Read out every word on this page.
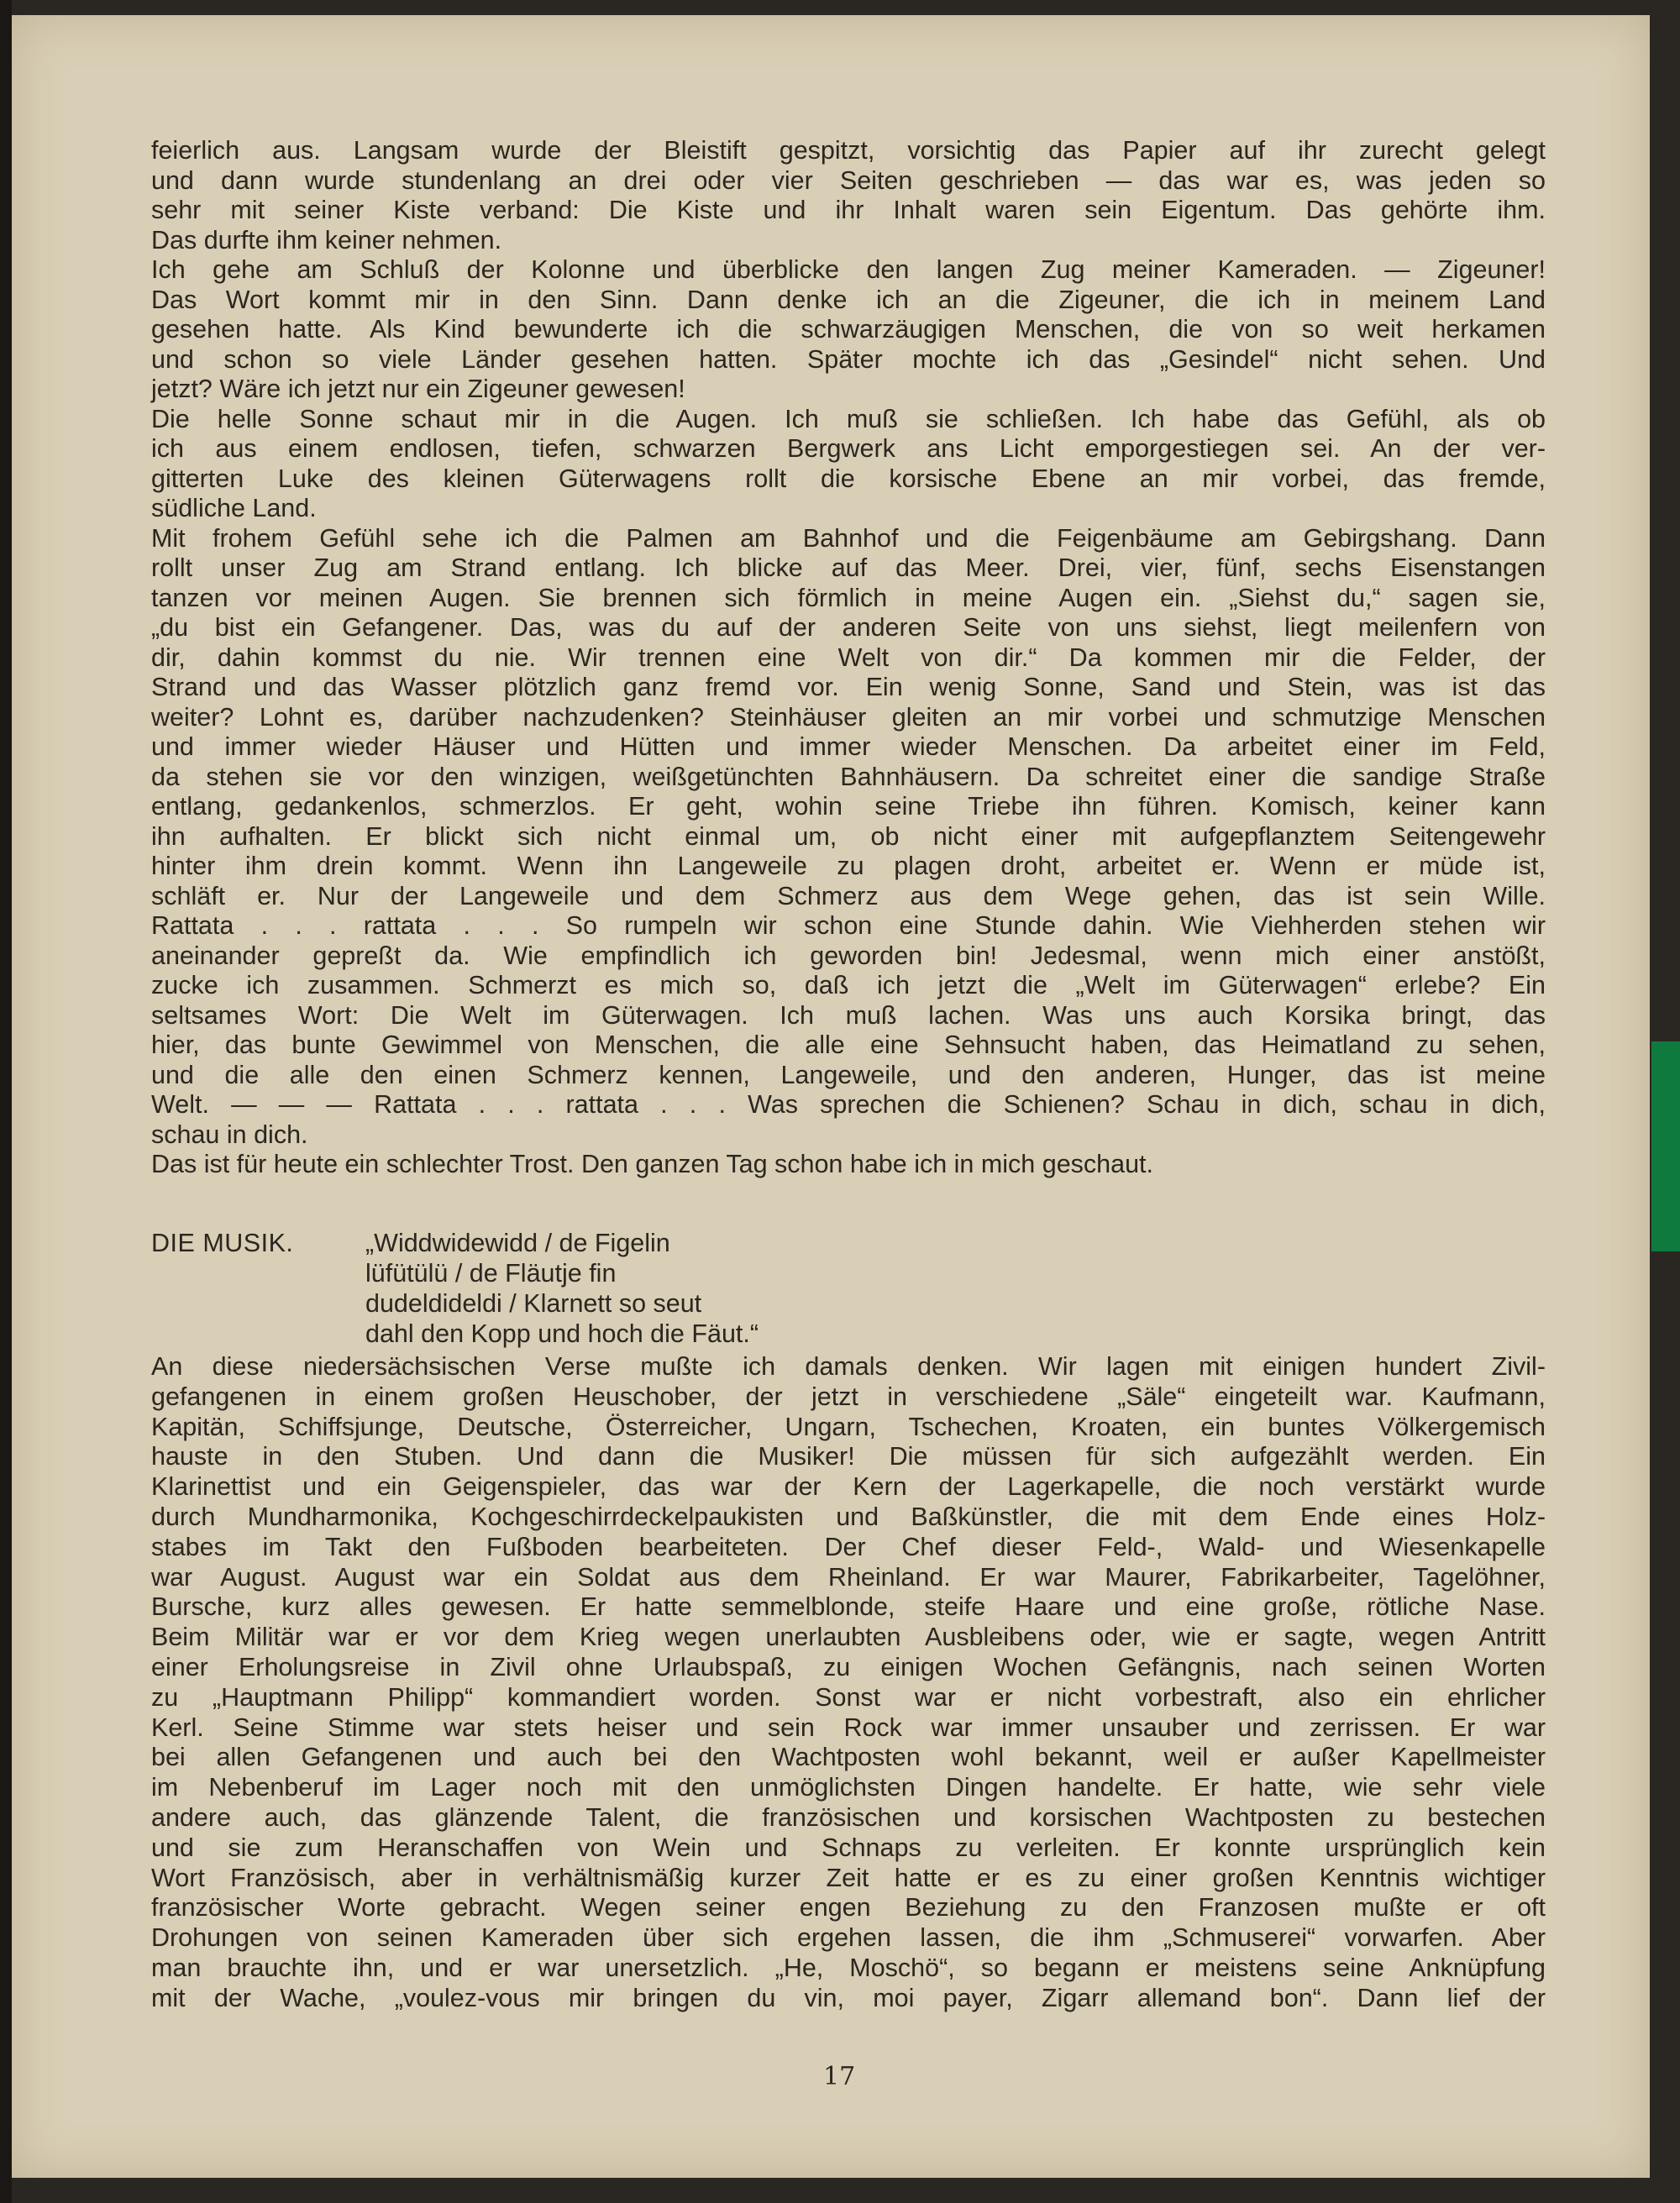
feierlich aus. Langsam wurde der Bleistift gespitzt, vorsichtig das Papier auf ihr zurecht gelegt
und dann wurde stundenlang an drei oder vier Seiten geschrieben — das war es, was jeden so
sehr mit seiner Kiste verband: Die Kiste und ihr Inhalt waren sein Eigentum. Das gehörte ihm.
Das durfte ihm keiner nehmen.
Ich gehe am Schluß der Kolonne und überblicke den langen Zug meiner Kameraden. — Zigeuner!
Das Wort kommt mir in den Sinn. Dann denke ich an die Zigeuner, die ich in meinem Land
gesehen hatte. Als Kind bewunderte ich die schwarzäugigen Menschen, die von so weit herkamen
und schon so viele Länder gesehen hatten. Später mochte ich das „Gesindel“ nicht sehen. Und
jetzt? Wäre ich jetzt nur ein Zigeuner gewesen!
Die helle Sonne schaut mir in die Augen. Ich muß sie schließen. Ich habe das Gefühl, als ob
ich aus einem endlosen, tiefen, schwarzen Bergwerk ans Licht emporgestiegen sei. An der ver-
gitterten Luke des kleinen Güterwagens rollt die korsische Ebene an mir vorbei, das fremde,
südliche Land.
Mit frohem Gefühl sehe ich die Palmen am Bahnhof und die Feigenbäume am Gebirgshang. Dann
rollt unser Zug am Strand entlang. Ich blicke auf das Meer. Drei, vier, fünf, sechs Eisenstangen
tanzen vor meinen Augen. Sie brennen sich förmlich in meine Augen ein. „Siehst du,“ sagen sie,
„du bist ein Gefangener. Das, was du auf der anderen Seite von uns siehst, liegt meilenfern von
dir, dahin kommst du nie. Wir trennen eine Welt von dir.“ Da kommen mir die Felder, der
Strand und das Wasser plötzlich ganz fremd vor. Ein wenig Sonne, Sand und Stein, was ist das
weiter? Lohnt es, darüber nachzudenken? Steinhäuser gleiten an mir vorbei und schmutzige Menschen
und immer wieder Häuser und Hütten und immer wieder Menschen. Da arbeitet einer im Feld,
da stehen sie vor den winzigen, weißgetünchten Bahnhäusern. Da schreitet einer die sandige Straße
entlang, gedankenlos, schmerzlos. Er geht, wohin seine Triebe ihn führen. Komisch, keiner kann
ihn aufhalten. Er blickt sich nicht einmal um, ob nicht einer mit aufgepflanztem Seitengewehr
hinter ihm drein kommt. Wenn ihn Langeweile zu plagen droht, arbeitet er. Wenn er müde ist,
schläft er. Nur der Langeweile und dem Schmerz aus dem Wege gehen, das ist sein Wille.
Rattata . . . rattata . . . So rumpeln wir schon eine Stunde dahin. Wie Viehherden stehen wir
aneinander gepreßt da. Wie empfindlich ich geworden bin! Jedesmal, wenn mich einer anstößt,
zucke ich zusammen. Schmerzt es mich so, daß ich jetzt die „Welt im Güterwagen“ erlebe? Ein
seltsames Wort: Die Welt im Güterwagen. Ich muß lachen. Was uns auch Korsika bringt, das
hier, das bunte Gewimmel von Menschen, die alle eine Sehnsucht haben, das Heimatland zu sehen,
und die alle den einen Schmerz kennen, Langeweile, und den anderen, Hunger, das ist meine
Welt. — — — Rattata . . . rattata . . . Was sprechen die Schienen? Schau in dich, schau in dich,
schau in dich.
Das ist für heute ein schlechter Trost. Den ganzen Tag schon habe ich in mich geschaut.
DIE MUSIK.	„Widdwidewidd / de Figelin
lüfütülü / de Fläutje fin
dudeldideldi / Klarnett so seut
dahl den Kopp und hoch die Fäut.“
An diese niedersächsischen Verse mußte ich damals denken. Wir lagen mit einigen hundert Zivil-
gefangenen in einem großen Heuschober, der jetzt in verschiedene „Säle“ eingeteilt war. Kaufmann,
Kapitän, Schiffsjunge, Deutsche, Österreicher, Ungarn, Tschechen, Kroaten, ein buntes Völkergemisch
hauste in den Stuben. Und dann die Musiker! Die müssen für sich aufgezählt werden. Ein
Klarinettist und ein Geigenspieler, das war der Kern der Lagerkapelle, die noch verstärkt wurde
durch Mundharmonika, Kochgeschirrdeckelpaukisten und Baßkünstler, die mit dem Ende eines Holz-
stabes im Takt den Fußboden bearbeiteten. Der Chef dieser Feld-, Wald- und Wiesenkapelle
war August. August war ein Soldat aus dem Rheinland. Er war Maurer, Fabrikarbeiter, Tagelöhner,
Bursche, kurz alles gewesen. Er hatte semmelblonde, steife Haare und eine große, rötliche Nase.
Beim Militär war er vor dem Krieg wegen unerlaubten Ausbleibens oder, wie er sagte, wegen Antritt
einer Erholungsreise in Zivil ohne Urlaubspaß, zu einigen Wochen Gefängnis, nach seinen Worten
zu „Hauptmann Philipp“ kommandiert worden. Sonst war er nicht vorbestraft, also ein ehrlicher
Kerl. Seine Stimme war stets heiser und sein Rock war immer unsauber und zerrissen. Er war
bei allen Gefangenen und auch bei den Wachtposten wohl bekannt, weil er außer Kapellmeister
im Nebenberuf im Lager noch mit den unmöglichsten Dingen handelte. Er hatte, wie sehr viele
andere auch, das glänzende Talent, die französischen und korsischen Wachtposten zu bestechen
und sie zum Heranschaffen von Wein und Schnaps zu verleiten. Er konnte ursprünglich kein
Wort Französisch, aber in verhältnismäßig kurzer Zeit hatte er es zu einer großen Kenntnis wichtiger
französischer Worte gebracht. Wegen seiner engen Beziehung zu den Franzosen mußte er oft
Drohungen von seinen Kameraden über sich ergehen lassen, die ihm „Schmuserei“ vorwarfen. Aber
man brauchte ihn, und er war unersetzlich. „He, Moschö“, so begann er meistens seine Anknüpfung
mit der Wache, „voulez-vous mir bringen du vin, moi payer, Zigarr allemand bon“. Dann lief der
17
